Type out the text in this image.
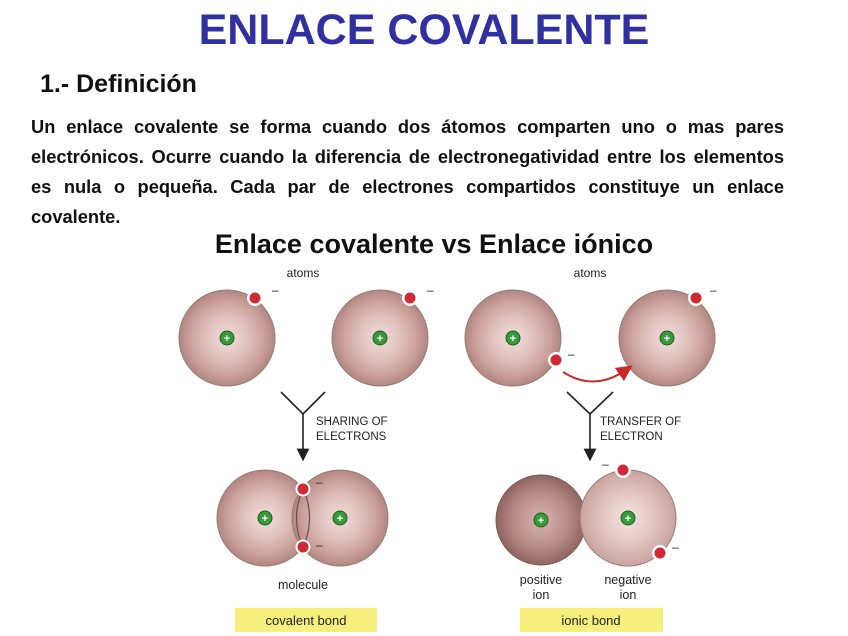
ENLACE COVALENTE
1.- Definición
Un enlace covalente se forma cuando dos átomos comparten uno o mas pares electrónicos. Ocurre cuando la diferencia de electronegatividad entre los elementos es nula o pequeña. Cada par de electrones compartidos constituye un enlace covalente.
Enlace covalente vs Enlace iónico
atoms
+
–
+
–
SHARING OF
ELECTRONS
+	+
–
–
molecule
covalent bond
atoms
+
–
+
–
TRANSFER OF
ELECTRON
+	+
–
–
positive
ion
negative
ion
ionic bond
